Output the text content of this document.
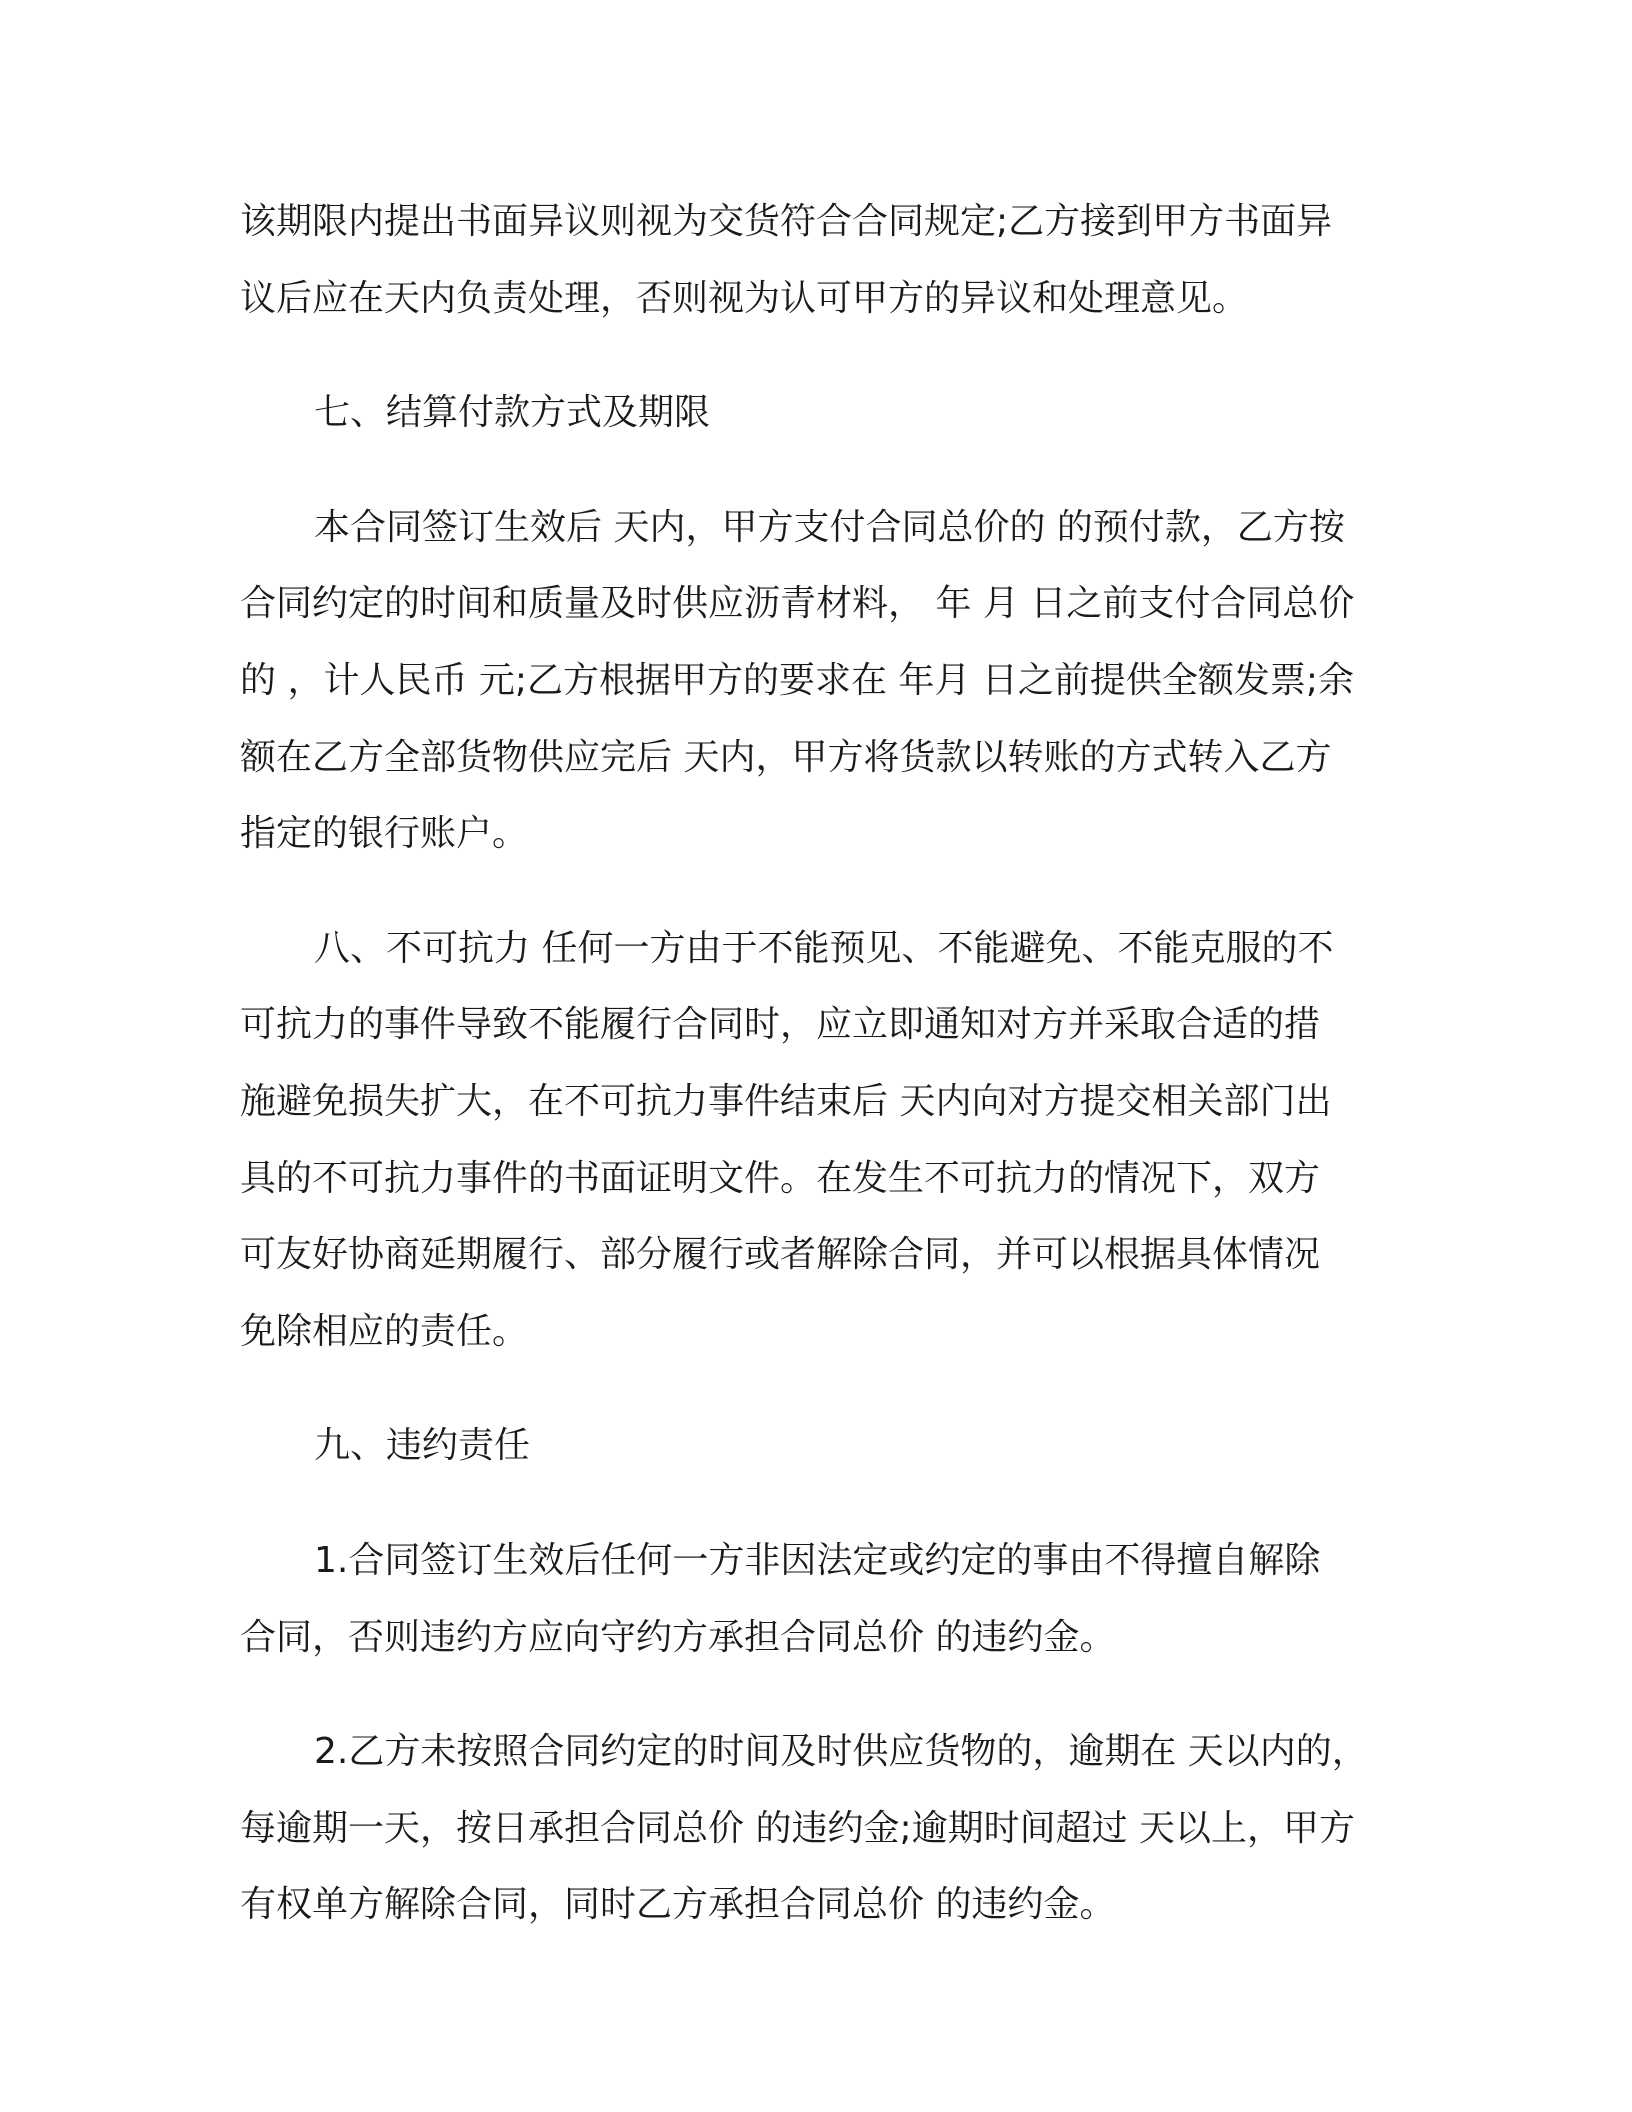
该期限内提出书面异议则视为交货符合合同规定;乙方接到甲方书面异
议后应在天内负责处理，否则视为认可甲方的异议和处理意见。
七、结算付款方式及期限
本合同签订生效后 天内，甲方支付合同总价的 的预付款，乙方按
合同约定的时间和质量及时供应沥青材料， 年 月 日之前支付合同总价
的 ，计人民币 元;乙方根据甲方的要求在 年月 日之前提供全额发票;余
额在乙方全部货物供应完后 天内，甲方将货款以转账的方式转入乙方
指定的银行账户。
八、不可抗力 任何一方由于不能预见、不能避免、不能克服的不
可抗力的事件导致不能履行合同时，应立即通知对方并采取合适的措
施避免损失扩大，在不可抗力事件结束后 天内向对方提交相关部门出
具的不可抗力事件的书面证明文件。在发生不可抗力的情况下，双方
可友好协商延期履行、部分履行或者解除合同，并可以根据具体情况
免除相应的责任。
九、违约责任
1.合同签订生效后任何一方非因法定或约定的事由不得擅自解除
合同，否则违约方应向守约方承担合同总价 的违约金。
2.乙方未按照合同约定的时间及时供应货物的，逾期在 天以内的，
每逾期一天，按日承担合同总价 的违约金;逾期时间超过 天以上，甲方
有权单方解除合同，同时乙方承担合同总价 的违约金。
